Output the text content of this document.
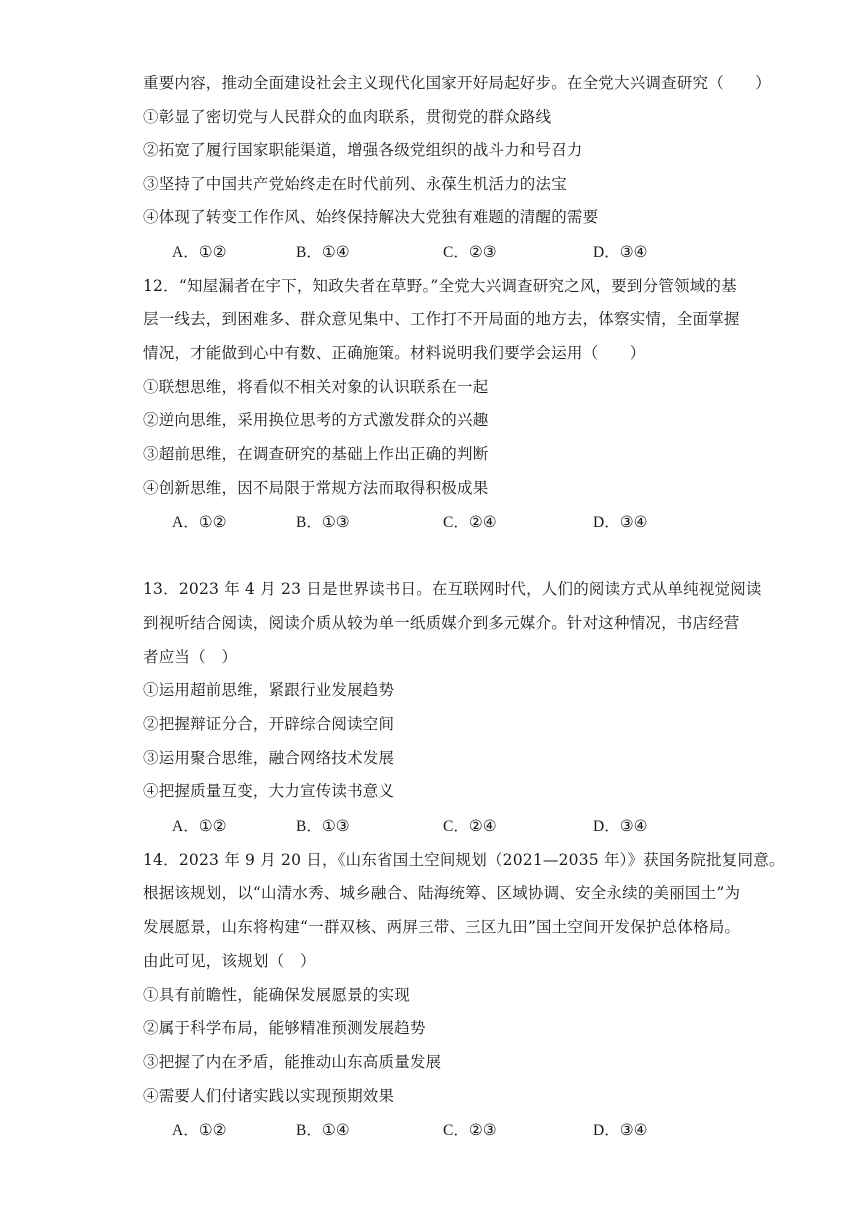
重要内容，推动全面建设社会主义现代化国家开好局起好步。在全党大兴调查研究（　　）
①彰显了密切党与人民群众的血肉联系，贯彻党的群众路线
②拓宽了履行国家职能渠道，增强各级党组织的战斗力和号召力
③坚持了中国共产党始终走在时代前列、永葆生机活力的法宝
④体现了转变工作作风、始终保持解决大党独有难题的清醒的需要
A．①②	B．①④	C．②③	D．③④
12．“知屋漏者在宇下，知政失者在草野。”全党大兴调查研究之风，要到分管领域的基
层一线去，到困难多、群众意见集中、工作打不开局面的地方去，体察实情，全面掌握
情况，才能做到心中有数、正确施策。材料说明我们要学会运用（　　）
①联想思维，将看似不相关对象的认识联系在一起
②逆向思维，采用换位思考的方式激发群众的兴趣
③超前思维，在调查研究的基础上作出正确的判断
④创新思维，因不局限于常规方法而取得积极成果
A．①②	B．①③	C．②④	D．③④
13．2023 年 4 月 23 日是世界读书日。在互联网时代，人们的阅读方式从单纯视觉阅读
到视听结合阅读，阅读介质从较为单一纸质媒介到多元媒介。针对这种情况，书店经营
者应当（　）
①运用超前思维，紧跟行业发展趋势
②把握辩证分合，开辟综合阅读空间
③运用聚合思维，融合网络技术发展
④把握质量互变，大力宣传读书意义
A．①②	B．①③	C．②④	D．③④
14．2023 年 9 月 20 日，《山东省国土空间规划（2021—2035 年）》获国务院批复同意。
根据该规划，以“山清水秀、城乡融合、陆海统筹、区域协调、安全永续的美丽国土”为
发展愿景，山东将构建“一群双核、两屏三带、三区九田”国土空间开发保护总体格局。
由此可见，该规划（　）
①具有前瞻性，能确保发展愿景的实现
②属于科学布局，能够精准预测发展趋势
③把握了内在矛盾，能推动山东高质量发展
④需要人们付诸实践以实现预期效果
A．①②	B．①④	C．②③	D．③④
